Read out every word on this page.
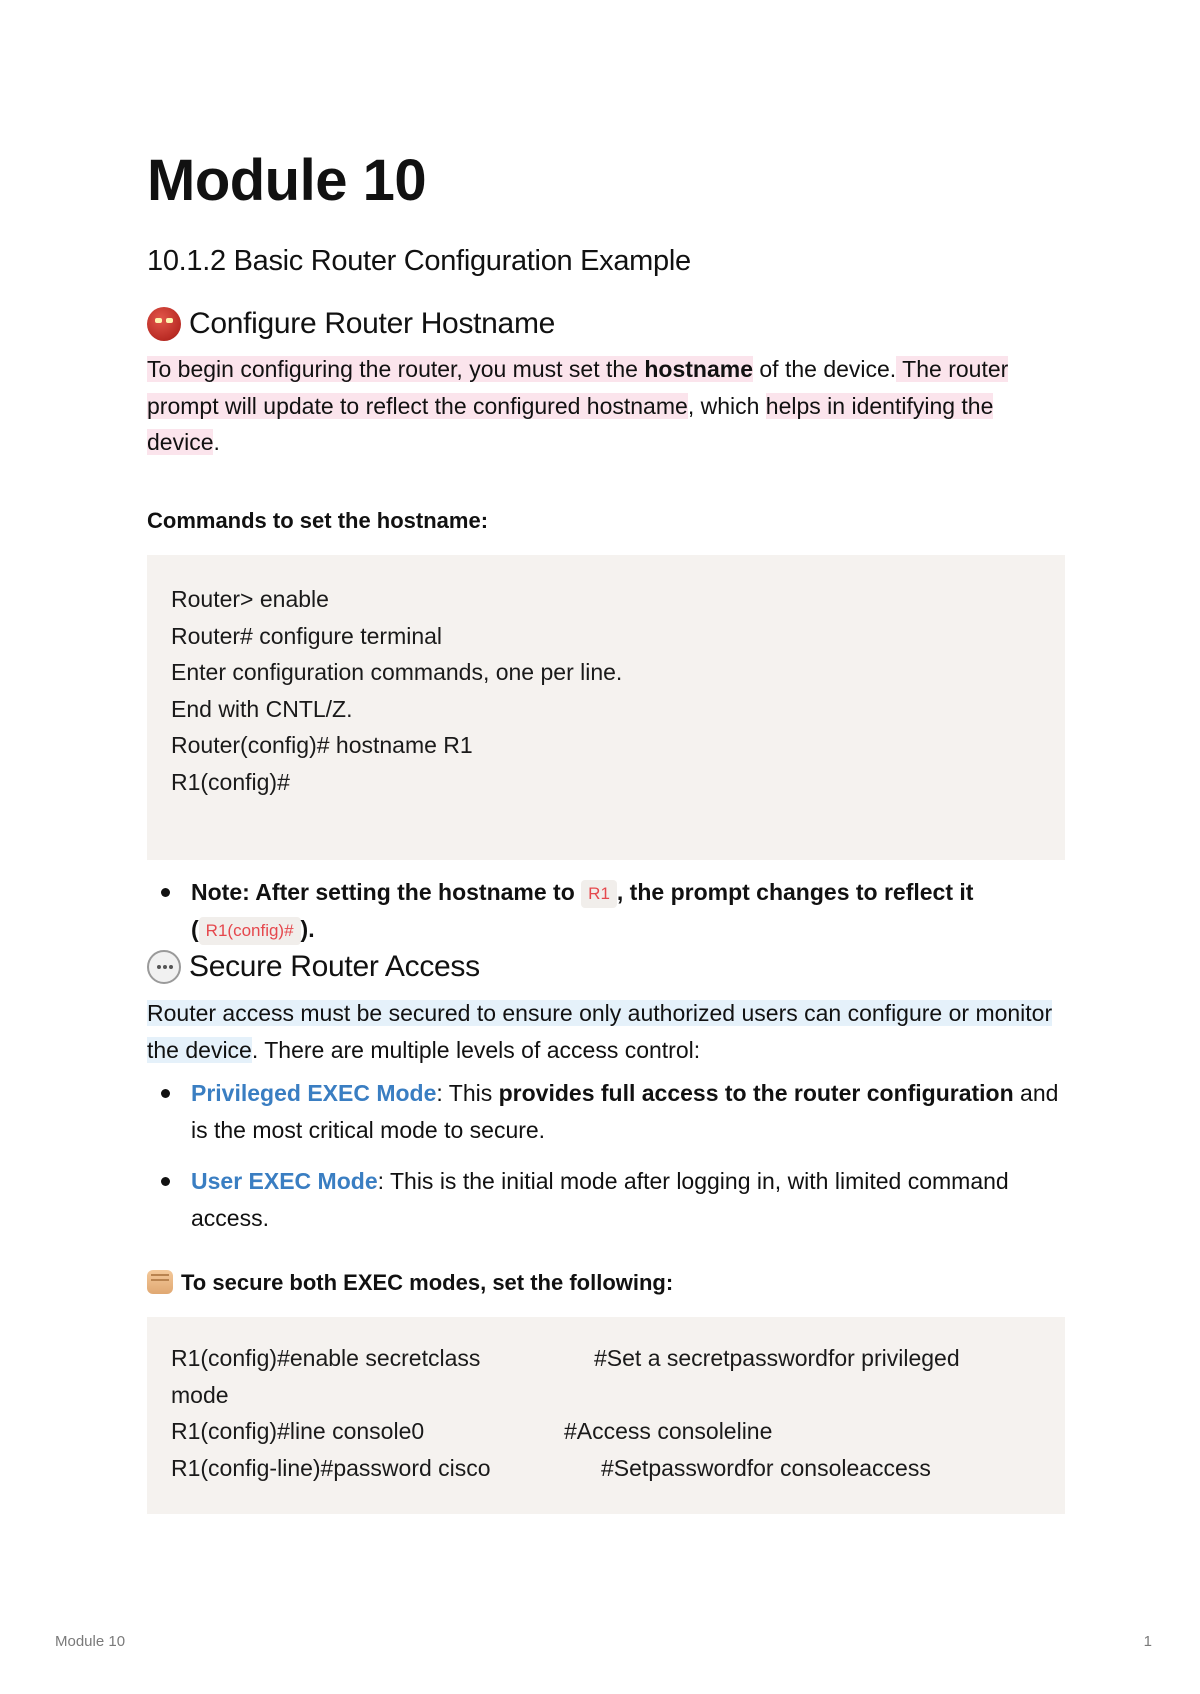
Module 10
10.1.2 Basic Router Configuration Example
Configure Router Hostname
To begin configuring the router, you must set the hostname of the device. The router prompt will update to reflect the configured hostname, which helps in identifying the device.
Commands to set the hostname:
Router> enable
Router# configure terminal
Enter configuration commands, one per line.
End with CNTL/Z.
Router(config)# hostname R1
R1(config)#
Note: After setting the hostname to R1 , the prompt changes to reflect it
( R1(config)# ).
Secure Router Access
Router access must be secured to ensure only authorized users can configure or monitor the device. There are multiple levels of access control:
Privileged EXEC Mode: This provides full access to the router configuration and is the most critical mode to secure.
User EXEC Mode: This is the initial mode after logging in, with limited command access.
To secure both EXEC modes, set the following:
R1(config)#enable secretclass	#Set a secretpasswordfor privileged
mode
R1(config)#line console0	#Access consoleline
R1(config-line)#password cisco	#Setpasswordfor consoleaccess
Module 10	1
